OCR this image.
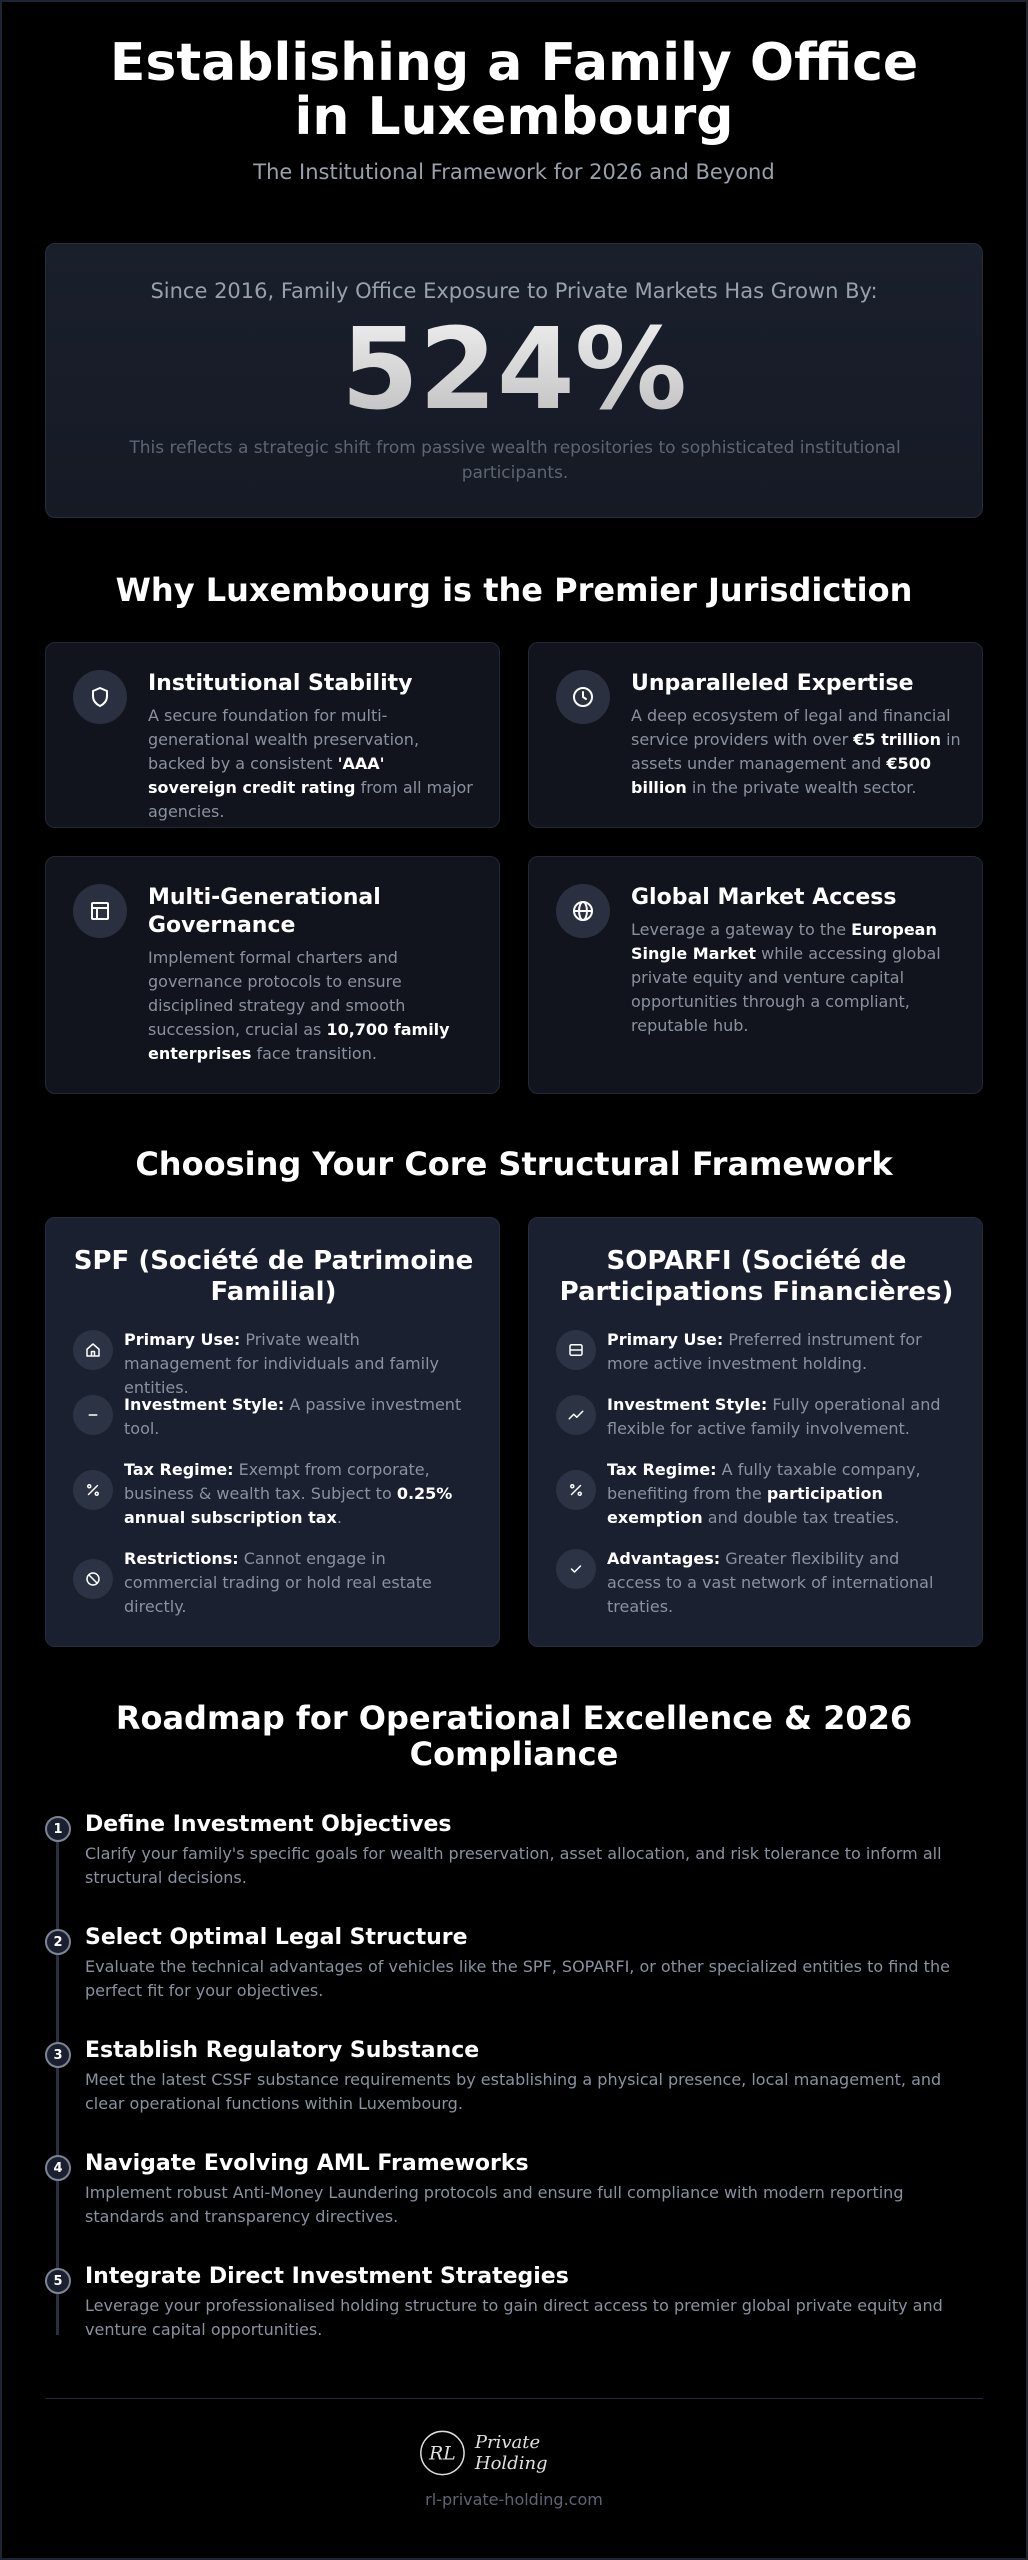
Establishing a Family Office in Luxembourg
The Institutional Framework for 2026 and Beyond
Since 2016, Family Office Exposure to Private Markets Has Grown By:
524%
This reflects a strategic shift from passive wealth repositories to sophisticated institutional participants.
Why Luxembourg is the Premier Jurisdiction
Institutional Stability
A secure foundation for multi-generational wealth preservation, backed by a consistent 'AAA' sovereign credit rating from all major agencies.
Unparalleled Expertise
A deep ecosystem of legal and financial service providers with over €5 trillion in assets under management and €500 billion in the private wealth sector.
Multi-Generational Governance
Implement formal charters and governance protocols to ensure disciplined strategy and smooth succession, crucial as 10,700 family enterprises face transition.
Global Market Access
Leverage a gateway to the European Single Market while accessing global private equity and venture capital opportunities through a compliant, reputable hub.
Choosing Your Core Structural Framework
SPF (Société de Patrimoine Familial)
Primary Use: Private wealth management for individuals and family entities.
Investment Style: A passive investment tool.
Tax Regime: Exempt from corporate, business & wealth tax. Subject to 0.25% annual subscription tax.
Restrictions: Cannot engage in commercial trading or hold real estate directly.
SOPARFI (Société de Participations Financières)
Primary Use: Preferred instrument for more active investment holding.
Investment Style: Fully operational and flexible for active family involvement.
Tax Regime: A fully taxable company, benefiting from the participation exemption and double tax treaties.
Advantages: Greater flexibility and access to a vast network of international treaties.
Roadmap for Operational Excellence & 2026 Compliance
1	Define Investment Objectives
Clarify your family's specific goals for wealth preservation, asset allocation, and risk tolerance to inform all structural decisions.
2	Select Optimal Legal Structure
Evaluate the technical advantages of vehicles like the SPF, SOPARFI, or other specialized entities to find the perfect fit for your objectives.
3	Establish Regulatory Substance
Meet the latest CSSF substance requirements by establishing a physical presence, local management, and clear operational functions within Luxembourg.
4	Navigate Evolving AML Frameworks
Implement robust Anti-Money Laundering protocols and ensure full compliance with modern reporting standards and transparency directives.
5	Integrate Direct Investment Strategies
Leverage your professionalised holding structure to gain direct access to premier global private equity and venture capital opportunities.
RL
Private Holding
rl-private-holding.com
